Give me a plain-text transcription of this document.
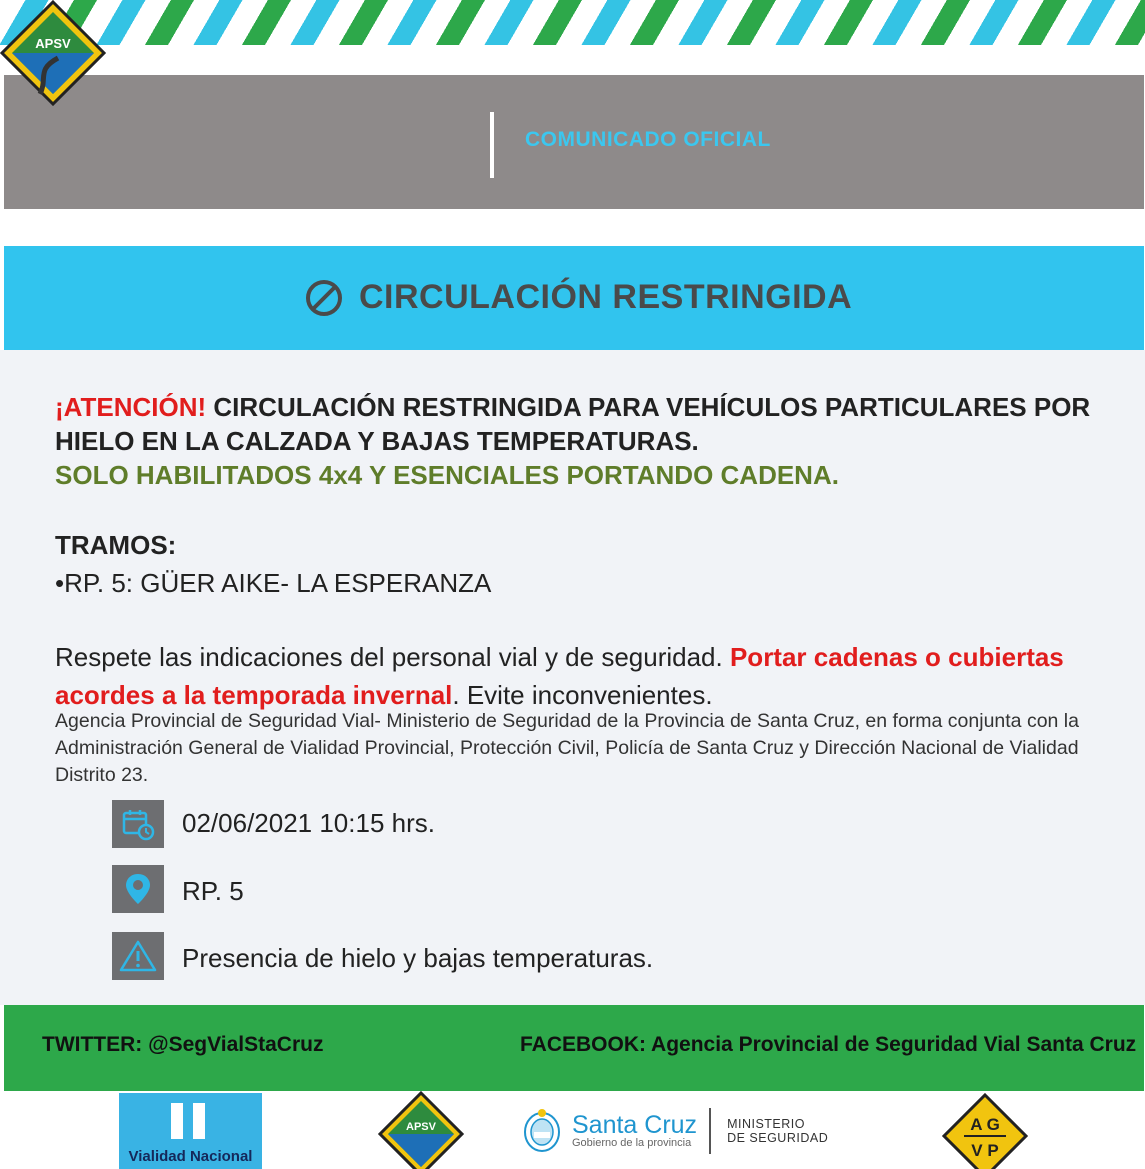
APSV
COMUNICADO OFICIAL
CIRCULACIÓN RESTRINGIDA
¡ATENCIÓN! CIRCULACIÓN RESTRINGIDA PARA VEHÍCULOS PARTICULARES POR HIELO EN LA CALZADA Y BAJAS TEMPERATURAS.
SOLO HABILITADOS 4x4 Y ESENCIALES PORTANDO CADENA.
TRAMOS:
•RP. 5: GÜER AIKE- LA ESPERANZA
Respete las indicaciones del personal vial y de seguridad. Portar cadenas o cubiertas acordes a la temporada invernal. Evite inconvenientes.
Agencia Provincial de Seguridad Vial- Ministerio de Seguridad de la Provincia de Santa Cruz, en forma conjunta con la Administración General de Vialidad Provincial, Protección Civil, Policía de Santa Cruz y Dirección Nacional de Vialidad Distrito 23.
02/06/2021 10:15 hrs.
RP. 5
Presencia de hielo y bajas temperaturas.
TWITTER: @SegVialStaCruz	FACEBOOK: Agencia Provincial de Seguridad Vial Santa Cruz
Vialidad Nacional
APSV	Santa Cruz
Gobierno de la provincia
MINISTERIO
DE SEGURIDAD
A G
V P
